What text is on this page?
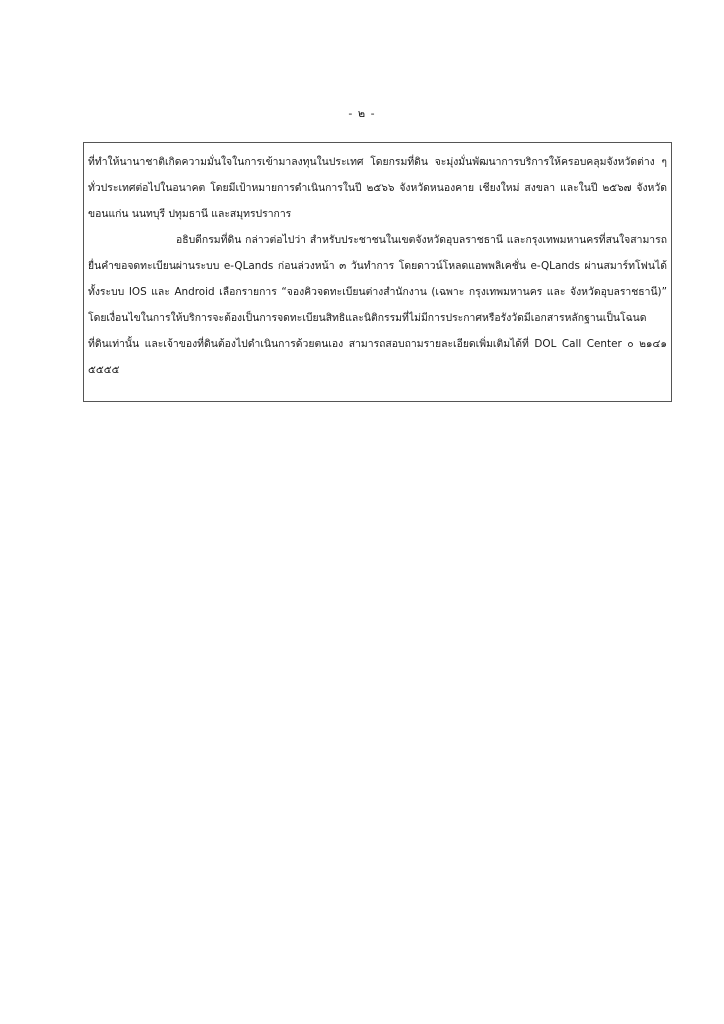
- ๒ -

ที่ทำให้นานาชาติเกิดความมั่นใจในการเข้ามาลงทุนในประเทศ โดยกรมที่ดิน จะมุ่งมั่นพัฒนาการบริการให้ครอบคลุมจังหวัดต่าง ๆ ทั่วประเทศต่อไปในอนาคต โดยมีเป้าหมายการดำเนินการในปี ๒๕๖๖ จังหวัดหนองคาย เชียงใหม่ สงขลา และในปี ๒๕๖๗ จังหวัดขอนแก่น นนทบุรี ปทุมธานี และสมุทรปราการ

อธิบดีกรมที่ดิน กล่าวต่อไปว่า สำหรับประชาชนในเขตจังหวัดอุบลราชธานี และกรุงเทพมหานครที่สนใจสามารถยื่นคำขอจดทะเบียนผ่านระบบ e-QLands ก่อนล่วงหน้า ๓ วันทำการ โดยดาวน์โหลดแอพพลิเคชั่น e-QLands ผ่านสมาร์ทโฟนได้ทั้งระบบ IOS และ Android เลือกรายการ “จองคิวจดทะเบียนต่างสำนักงาน (เฉพาะ กรุงเทพมหานคร และ จังหวัดอุบลราชธานี)” โดยเงื่อนไขในการให้บริการจะต้องเป็นการจดทะเบียนสิทธิและนิติกรรมที่ไม่มีการประกาศหรือรังวัดมีเอกสารหลักฐานเป็นโฉนดที่ดินเท่านั้น และเจ้าของที่ดินต้องไปดำเนินการด้วยตนเอง สามารถสอบถามรายละเอียดเพิ่มเติมได้ที่ DOL Call Center ๐ ๒๑๔๑ ๕๕๕๕
